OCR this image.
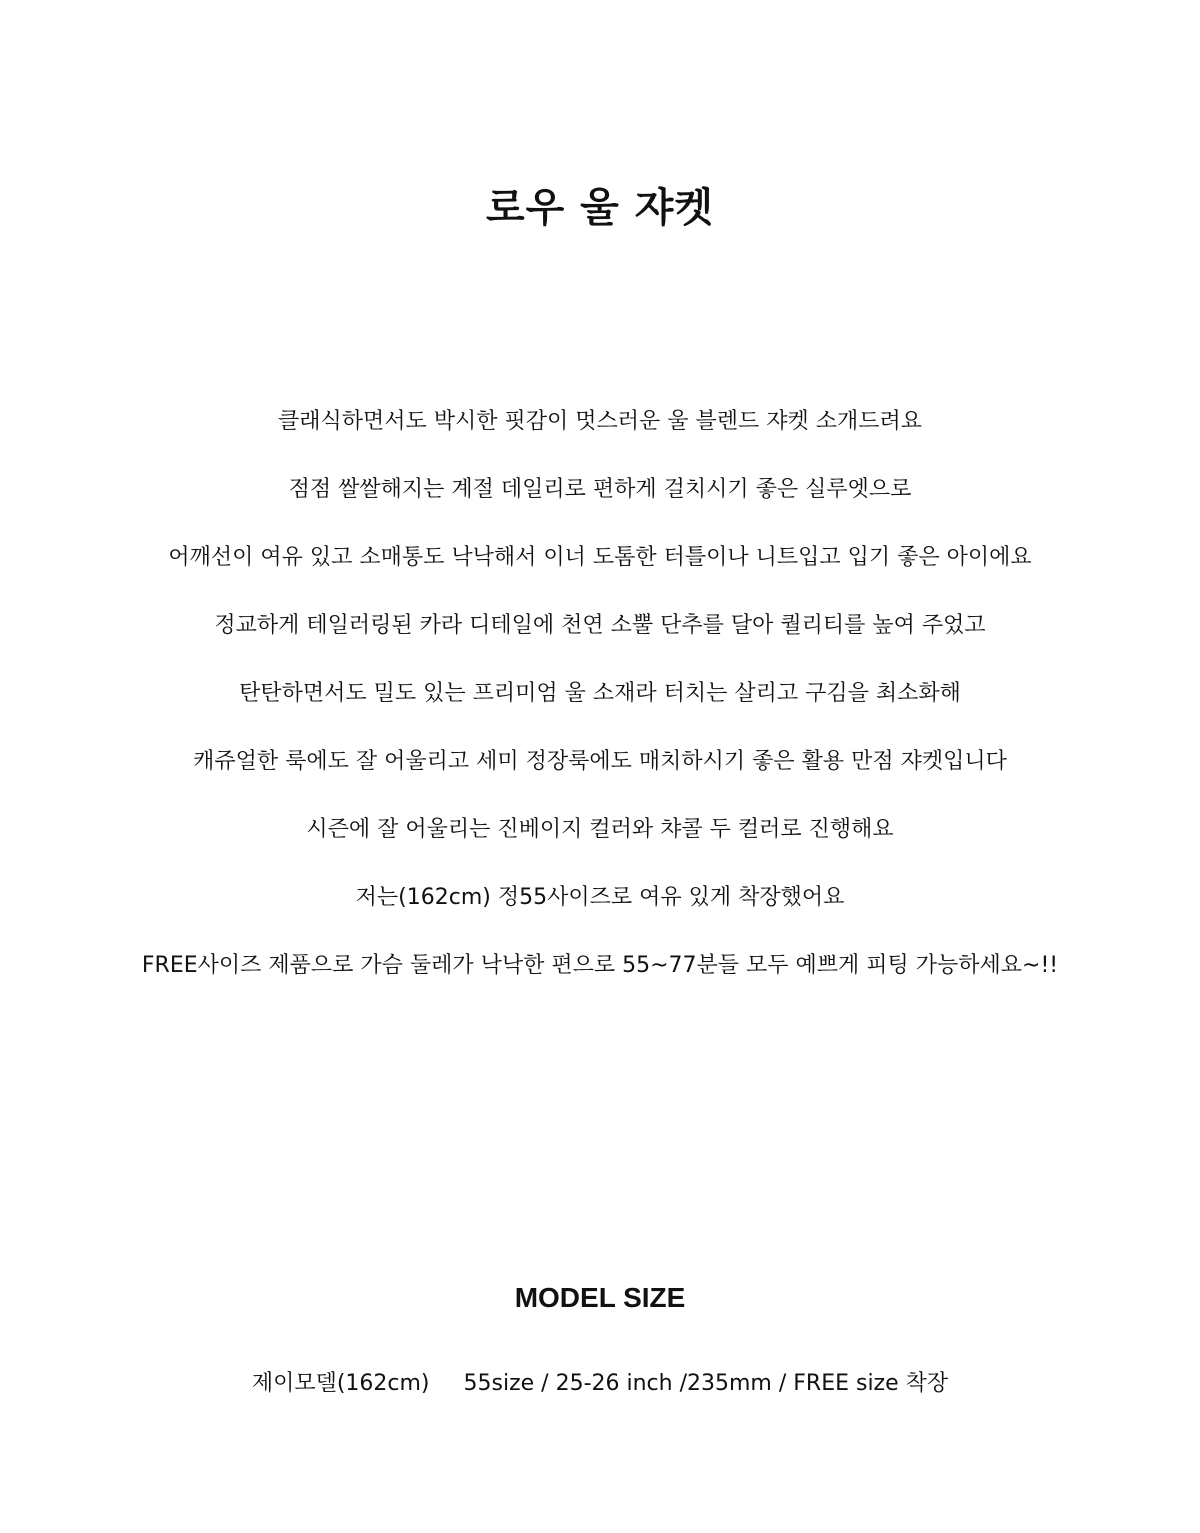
로우 울 쟈켓
클래식하면서도 박시한 핏감이 멋스러운 울 블렌드 쟈켓 소개드려요
점점 쌀쌀해지는 계절 데일리로 편하게 걸치시기 좋은 실루엣으로
어깨선이 여유 있고 소매통도 낙낙해서 이너 도톰한 터틀이나 니트입고 입기 좋은 아이에요
정교하게 테일러링된 카라 디테일에 천연 소뿔 단추를 달아 퀄리티를 높여 주었고
탄탄하면서도 밀도 있는 프리미엄 울 소재라 터치는 살리고 구김을 최소화해
캐쥬얼한 룩에도 잘 어울리고 세미 정장룩에도 매치하시기 좋은 활용 만점 쟈켓입니다
시즌에 잘 어울리는 진베이지 컬러와 챠콜 두 컬러로 진행해요
저는(162cm) 정55사이즈로 여유 있게 착장했어요
FREE사이즈 제품으로 가슴 둘레가 낙낙한 편으로 55~77분들 모두 예쁘게 피팅 가능하세요~!!
MODEL SIZE
제이모델(162cm) 55size / 25-26 inch /235mm / FREE size 착장
